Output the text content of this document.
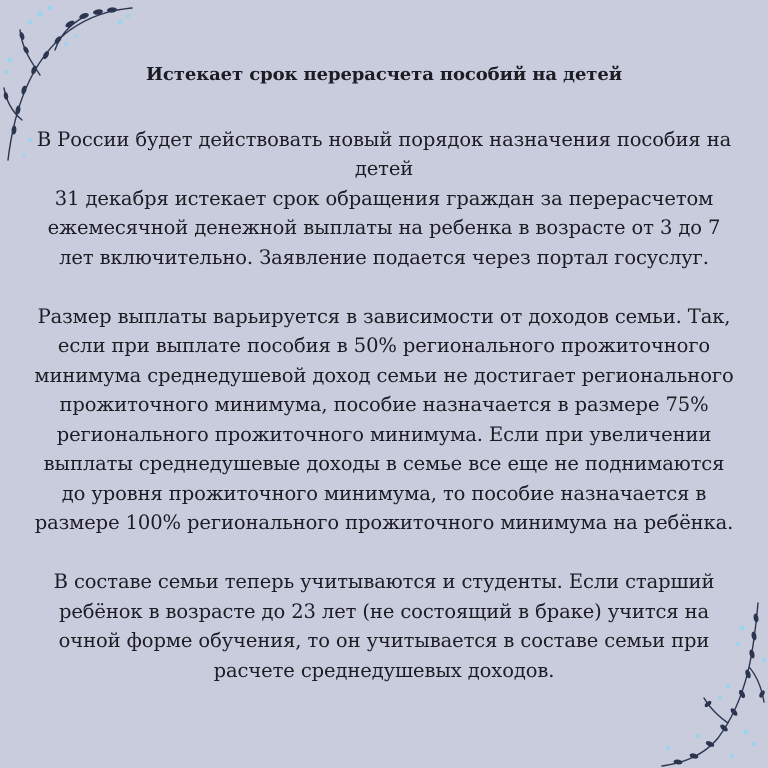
Истекает срок перерасчета пособий на детей
В России будет действовать новый порядок назначения пособия на детей
31 декабря истекает срок обращения граждан за перерасчетом ежемесячной денежной выплаты на ребенка в возрасте от 3 до 7 лет включительно. Заявление подается через портал госуслуг.
Размер выплаты варьируется в зависимости от доходов семьи. Так, если при выплате пособия в 50% регионального прожиточного минимума среднедушевой доход семьи не достигает регионального прожиточного минимума, пособие назначается в размере 75% регионального прожиточного минимума. Если при увеличении выплаты среднедушевые доходы в семье все еще не поднимаются до уровня прожиточного минимума, то пособие назначается в размере 100% регионального прожиточного минимума на ребёнка.
В составе семьи теперь учитываются и студенты. Если старший ребёнок в возрасте до 23 лет (не состоящий в браке) учится на очной форме обучения, то он учитывается в составе семьи при расчете среднедушевых доходов.
